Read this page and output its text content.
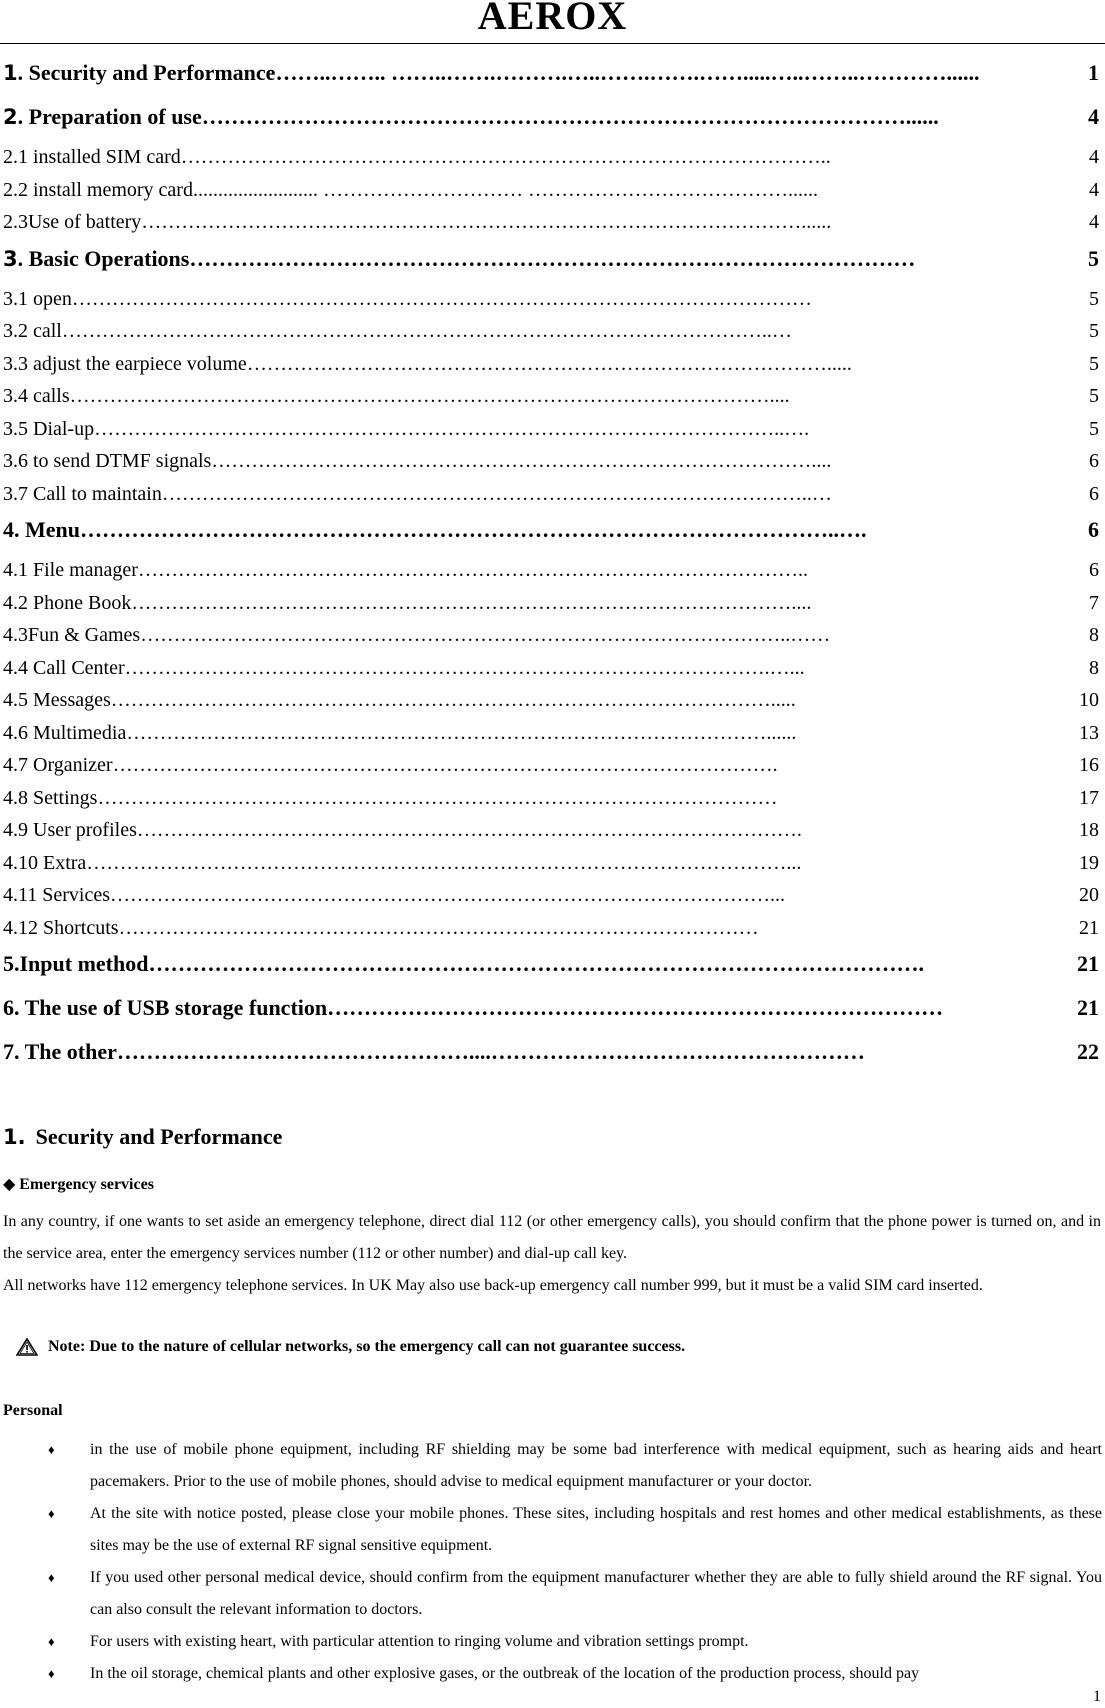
AEROX
1. Security and Performance ……..…….. ……..…….……….…..…….…….…….....…..……..…………......	1
2. Preparation of use ……………………………………………………………………………………......	4
2.1 installed SIM card ……………………………………………………………………………………..	4
2.2 install memory card ......................... ………………………… …………………………………......	4
2.3Use of battery ………………………………………………………………………………………......	4
3. Basic Operations ………………………………………………………………………………………	5
3.1 open …………………………………………………………………………………………………	5
3.2 call ……………………………………………………………………………………………..…	5
3.3 adjust the earpiece volume …………………………………………………………………………….....	5
3.4 calls ……………………………………………………………………………………………....	5
3.5 Dial-up …………………………………………………………………………………………..….	5
3.6 to send DTMF signals ………………………………………………………………………………....	6
3.7 Call to maintain ……………………………………………………………………………………..…	6
4. Menu …………………………………………………………………………………………..….	6
4.1 File manager ………………………………………………………………………………………..	6
4.2 Phone Book ………………………………………………………………………………………....	7
4.3Fun & Games ……………………………………………………………………………………..……	8
4.4 Call Center …………………………………………………………………………………….…...	8
4.5 Messages ……………………………………………………………………………………….....	10
4.6 Multimedia ……………………………………………………………………………………......	13
4.7 Organizer ……………………………………………………………………………………….	16
4.8 Settings …………………………………………………………………………………………	17
4.9 User profiles ……………………………………………………………………………………….	18
4.10 Extra ……………………………………………………………………………………………...	19
4.11 Services ………………………………………………………………………………………...	20
4.12 Shortcuts ……………………………………………………………………………………	21
5.Input method …………………………………………………………………………………………….	21
6. The use of USB storage function …………………………………………………………………………	21
7. The other …………………………………………....……………………………………………	22
1. Security and Performance
◆ Emergency services
In any country, if one wants to set aside an emergency telephone, direct dial 112 (or other emergency calls), you should confirm that the phone power is turned on, and in the service area, enter the emergency services number (112 or other number) and dial-up call key.
All networks have 112 emergency telephone services. In UK May also use back-up emergency call number 999, but it must be a valid SIM card inserted.
Note: Due to the nature of cellular networks, so the emergency call can not guarantee success.
Personal
♦ in the use of mobile phone equipment, including RF shielding may be some bad interference with medical equipment, such as hearing aids and heart pacemakers. Prior to the use of mobile phones, should advise to medical equipment manufacturer or your doctor.
♦ At the site with notice posted, please close your mobile phones. These sites, including hospitals and rest homes and other medical establishments, as these sites may be the use of external RF signal sensitive equipment.
♦ If you used other personal medical device, should confirm from the equipment manufacturer whether they are able to fully shield around the RF signal. You can also consult the relevant information to doctors.
♦ For users with existing heart, with particular attention to ringing volume and vibration settings prompt.
♦ In the oil storage, chemical plants and other explosive gases, or the outbreak of the location of the production process, should pay
1
